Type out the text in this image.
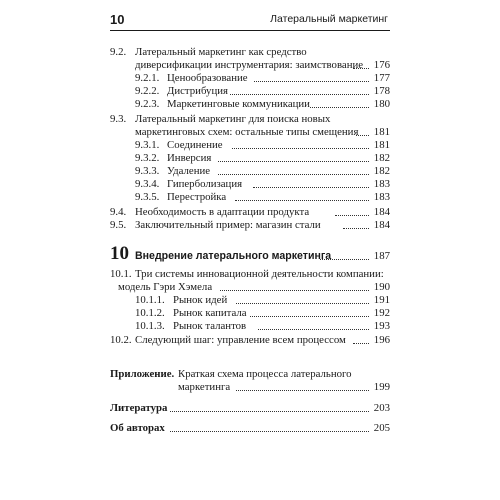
10	Латеральный маркетинг
9.2. Латеральный маркетинг как средство
диверсификации инструментария: заимствование 176
9.2.1. Ценообразование	177
9.2.2. Дистрибуция	178
9.2.3. Маркетинговые коммуникации	180
9.3. Латеральный маркетинг для поиска новых
маркетинговых схем: остальные типы смещения 181
9.3.1. Соединение	181
9.3.2. Инверсия	182
9.3.3. Удаление	182
9.3.4. Гиперболизация	183
9.3.5. Перестройка	183
9.4. Необходимость в адаптации продукта	184
9.5. Заключительный пример: магазин стали	184
10 Внедрение латерального маркетинга	187
10.1. Три системы инновационной деятельности компании:
модель Гэри Хэмела	190
10.1.1. Рынок идей	191
10.1.2. Рынок капитала	192
10.1.3. Рынок талантов	193
10.2. Следующий шаг: управление всем процессом	196
Приложение. Краткая схема процесса латерального
маркетинга	199
Литература	203
Об авторах	205
